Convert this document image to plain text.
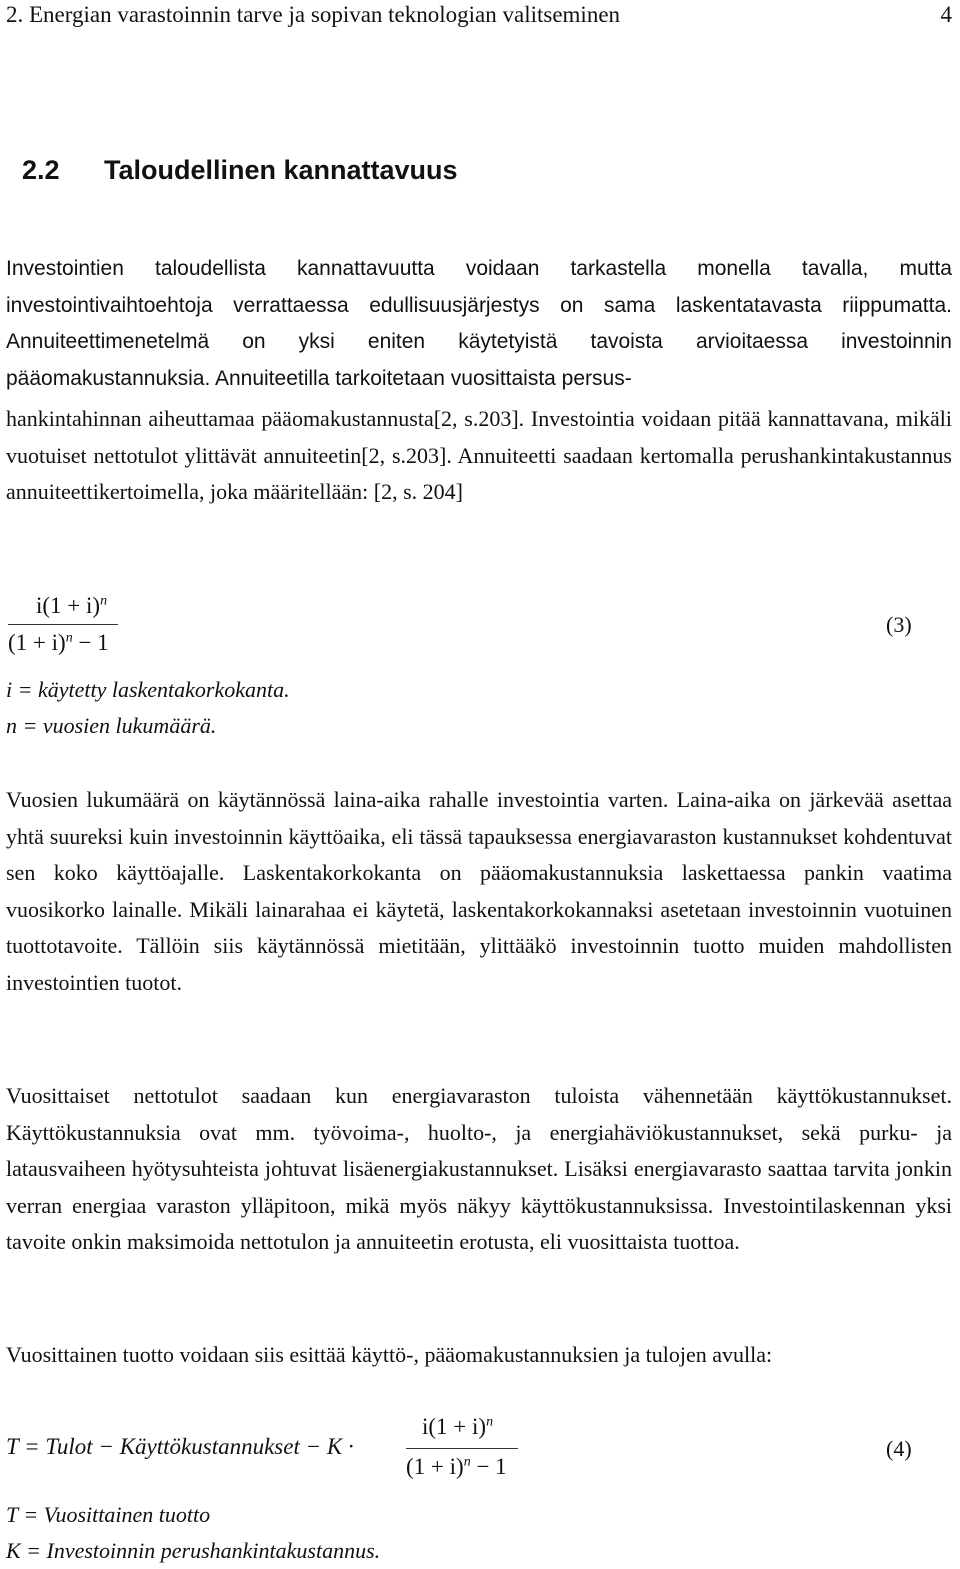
2. Energian varastoinnin tarve ja sopivan teknologian valitseminen	4
2.2 Taloudellinen kannattavuus

Investointien taloudellista kannattavuutta voidaan tarkastella monella tavalla, mutta investointivaihtoehtoja verrattaessa edullisuusjärjestys on sama laskentatavasta riippumatta. Annuiteettimenetelmä on yksi eniten käytetyistä tavoista arvioitaessa investoinnin pääomakustannuksia. Annuiteetilla tarkoitetaan vuosittaista persus-

hankintahinnan aiheuttamaa pääomakustannusta[2, s.203]. Investointia voidaan pitää kannattavana, mikäli vuotuiset nettotulot ylittävät annuiteetin[2, s.203]. Annuiteetti saadaan kertomalla perushankintakustannus annuiteettikertoimella, joka määritellään: [2, s. 204]

$i(1 + i)^n$
$(1 + i)^n - 1$
(3)
i = käytetty laskentakorkokanta.
n = vuosien lukumäärä.

Vuosien lukumäärä on käytännössä laina-aika rahalle investointia varten. Laina-aika on järkevää asettaa yhtä suureksi kuin investoinnin käyttöaika, eli tässä tapauksessa energiavaraston kustannukset kohdentuvat sen koko käyttöajalle. Laskentakorkokanta on pääomakustannuksia laskettaessa pankin vaatima vuosikorko lainalle. Mikäli lainarahaa ei käytetä, laskentakorkokannaksi asetetaan investoinnin vuotuinen tuottotavoite. Tällöin siis käytännössä mietitään, ylittääkö investoinnin tuotto muiden mahdollisten investointien tuotot.

Vuosittaiset nettotulot saadaan kun energiavaraston tuloista vähennetään käyttökustannukset. Käyttökustannuksia ovat mm. työvoima-, huolto-, ja energiahäviökustannukset, sekä purku- ja latausvaiheen hyötysuhteista johtuvat lisäenergiakustannukset. Lisäksi energiavarasto saattaa tarvita jonkin verran energiaa varaston ylläpitoon, mikä myös näkyy käyttökustannuksissa. Investointilaskennan yksi tavoite onkin maksimoida nettotulon ja annuiteetin erotusta, eli vuosittaista tuottoa.

Vuosittainen tuotto voidaan siis esittää käyttö-, pääomakustannuksien ja tulojen avulla:

T = Tulot − Käyttökustannukset − K ·
$i(1 + i)^n$
$(1 + i)^n - 1$
(4)
T = Vuosittainen tuotto
K = Investoinnin perushankintakustannus.
